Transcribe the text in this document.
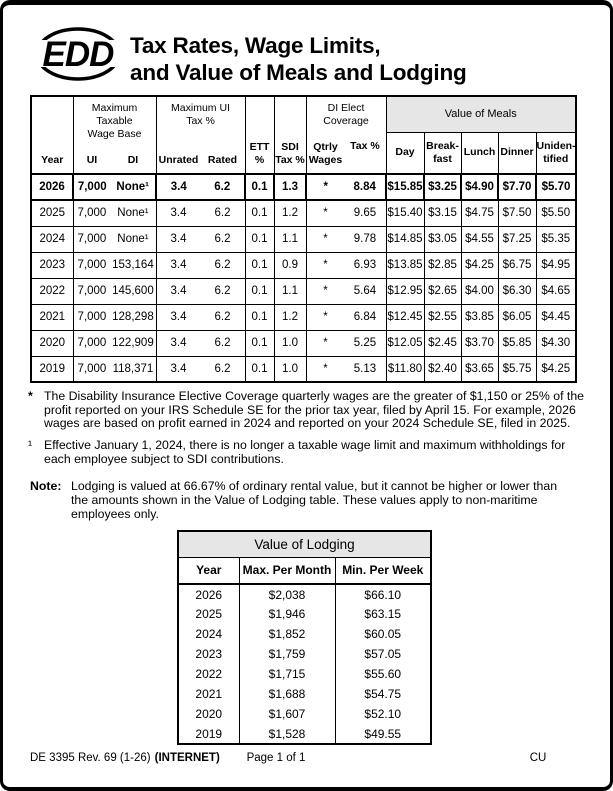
EDD Tax Rates, Wage Limits,
and Value of Meals and Lodging
Year

Maximum Taxable Wage Base
UI	DI

Maximum UI Tax %
Unrated Rated

ETT %

SDI Tax %

DI Elect Coverage
Qtrly Wages
Tax %
	Value of Meals
						Day	Break-fast	Lunch	Dinner	Uniden-tified
2026	7,000 None¹	3.4 6.2	0.1	1.3	* 8.84	$15.85	$3.25	$4.90	$7.70	$5.70
2025	7,000 None¹	3.4 6.2	0.1	1.2	* 9.65	$15.40	$3.15	$4.75	$7.50	$5.50
2024	7,000 None¹	3.4 6.2	0.1	1.1	* 9.78	$14.85	$3.05	$4.55	$7.25	$5.35
2023	7,000 153,164	3.4 6.2	0.1	0.9	* 6.93	$13.85	$2.85	$4.25	$6.75	$4.95
2022	7,000 145,600	3.4 6.2	0.1	1.1	* 5.64	$12.95	$2.65	$4.00	$6.30	$4.65
2021	7,000 128,298	3.4 6.2	0.1	1.2	* 6.84	$12.45	$2.55	$3.85	$6.05	$4.45
2020	7,000 122,909	3.4 6.2	0.1	1.0	* 5.25	$12.05	$2.45	$3.70	$5.85	$4.30
2019	7,000 118,371	3.4 6.2	0.1	1.0	* 5.13	$11.80	$2.40	$3.65	$5.75	$4.25
* The Disability Insurance Elective Coverage quarterly wages are the greater of $1,150 or 25% of the profit reported on your IRS Schedule SE for the prior tax year, filed by April 15. For example, 2026 wages are based on profit earned in 2024 and reported on your 2024 Schedule SE, filed in 2025.
¹ Effective January 1, 2024, there is no longer a taxable wage limit and maximum withholdings for each employee subject to SDI contributions.
Note: Lodging is valued at 66.67% of ordinary rental value, but it cannot be higher or lower than the amounts shown in the Value of Lodging table. These values apply to non-maritime employees only.
Value of Lodging		
Year	Max. Per Month	Min. Per Week
2026	$2,038	$66.10
2025	$1,946	$63.15
2024	$1,852	$60.05
2023	$1,759	$57.05
2022	$1,715	$55.60
2021	$1,688	$54.75
2020	$1,607	$52.10
2019	$1,528	$49.55
DE 3395 Rev. 69 (1-26) (INTERNET)	Page 1 of 1	CU
